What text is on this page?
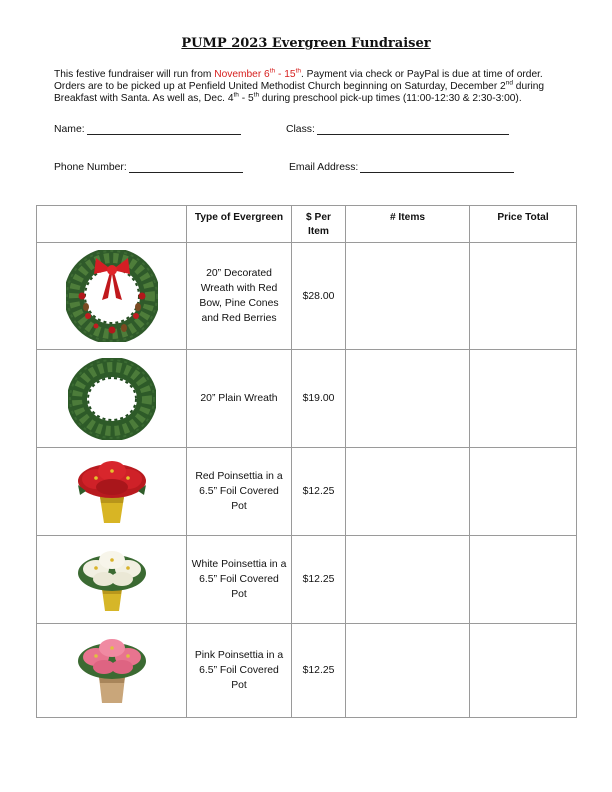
PUMP 2023 Evergreen Fundraiser
This festive fundraiser will run from November 6th - 15th. Payment via check or PayPal is due at time of order. Orders are to be picked up at Penfield United Methodist Church beginning on Saturday, December 2nd during Breakfast with Santa. As well as, Dec. 4th - 5th during preschool pick-up times (11:00-12:30 & 2:30-3:00).
Name:	Class:
Phone Number:	Email Address:
	Type of Evergreen	$ Per Item	# Items	Price Total

	20” Decorated Wreath with Red Bow, Pine Cones and Red Berries	$28.00		

	20” Plain Wreath	$19.00		

	Red Poinsettia in a 6.5” Foil Covered Pot	$12.25		

	White Poinsettia in a 6.5” Foil Covered Pot	$12.25		

	Pink Poinsettia in a 6.5” Foil Covered Pot	$12.25		
